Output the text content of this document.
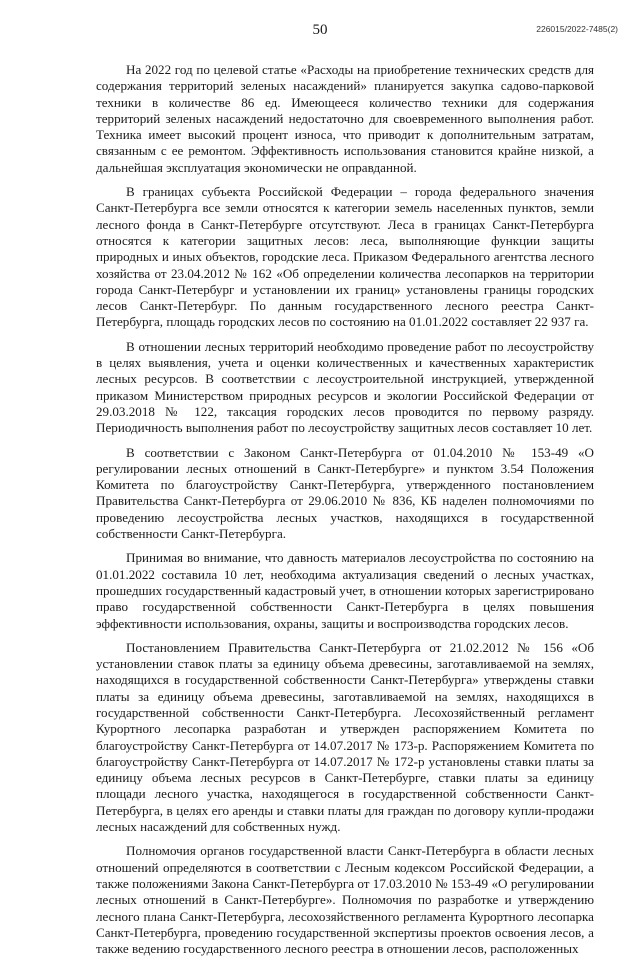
50	226015/2022-7485(2)

На 2022 год по целевой статье «Расходы на приобретение технических средств для содержания территорий зеленых насаждений» планируется закупка садово-парковой техники в количестве 86 ед. Имеющееся количество техники для содержания территорий зеленых насаждений недостаточно для своевременного выполнения работ. Техника имеет высокий процент износа, что приводит к дополнительным затратам, связанным с ее ремонтом. Эффективность использования становится крайне низкой, а дальнейшая эксплуатация экономически не оправданной.

В границах субъекта Российской Федерации – города федерального значения Санкт-Петербурга все земли относятся к категории земель населенных пунктов, земли лесного фонда в Санкт-Петербурге отсутствуют. Леса в границах Санкт-Петербурга относятся к категории защитных лесов: леса, выполняющие функции защиты природных и иных объектов, городские леса. Приказом Федерального агентства лесного хозяйства от 23.04.2012 № 162 «Об определении количества лесопарков на территории города Санкт-Петербург и установлении их границ» установлены границы городских лесов Санкт-Петербург. По данным государственного лесного реестра Санкт-Петербурга, площадь городских лесов по состоянию на 01.01.2022 составляет 22 937 га.

В отношении лесных территорий необходимо проведение работ по лесоустройству в целях выявления, учета и оценки количественных и качественных характеристик лесных ресурсов. В соответствии с лесоустроительной инструкцией, утвержденной приказом Министерством природных ресурсов и экологии Российской Федерации от 29.03.2018 № 122, таксация городских лесов проводится по первому разряду. Периодичность выполнения работ по лесоустройству защитных лесов составляет 10 лет.

В соответствии с Законом Санкт-Петербурга от 01.04.2010 № 153-49 «О регулировании лесных отношений в Санкт-Петербурге» и пунктом 3.54 Положения Комитета по благоустройству Санкт-Петербурга, утвержденного постановлением Правительства Санкт-Петербурга от 29.06.2010 № 836, КБ наделен полномочиями по проведению лесоустройства лесных участков, находящихся в государственной собственности Санкт-Петербурга.

Принимая во внимание, что давность материалов лесоустройства по состоянию на 01.01.2022 составила 10 лет, необходима актуализация сведений о лесных участках, прошедших государственный кадастровый учет, в отношении которых зарегистрировано право государственной собственности Санкт-Петербурга в целях повышения эффективности использования, охраны, защиты и воспроизводства городских лесов.

Постановлением Правительства Санкт-Петербурга от 21.02.2012 № 156 «Об установлении ставок платы за единицу объема древесины, заготавливаемой на землях, находящихся в государственной собственности Санкт-Петербурга» утверждены ставки платы за единицу объема древесины, заготавливаемой на землях, находящихся в государственной собственности Санкт-Петербурга. Лесохозяйственный регламент Курортного лесопарка разработан и утвержден распоряжением Комитета по благоустройству Санкт-Петербурга от 14.07.2017 № 173-р. Распоряжением Комитета по благоустройству Санкт-Петербурга от 14.07.2017 № 172-р установлены ставки платы за единицу объема лесных ресурсов в Санкт-Петербурге, ставки платы за единицу площади лесного участка, находящегося в государственной собственности Санкт-Петербурга, в целях его аренды и ставки платы для граждан по договору купли-продажи лесных насаждений для собственных нужд.

Полномочия органов государственной власти Санкт-Петербурга в области лесных отношений определяются в соответствии с Лесным кодексом Российской Федерации, а также положениями Закона Санкт-Петербурга от 17.03.2010 № 153-49 «О регулировании лесных отношений в Санкт-Петербурге». Полномочия по разработке и утверждению лесного плана Санкт-Петербурга, лесохозяйственного регламента Курортного лесопарка Санкт-Петербурга, проведению государственной экспертизы проектов освоения лесов, а также ведению государственного лесного реестра в отношении лесов, расположенных
